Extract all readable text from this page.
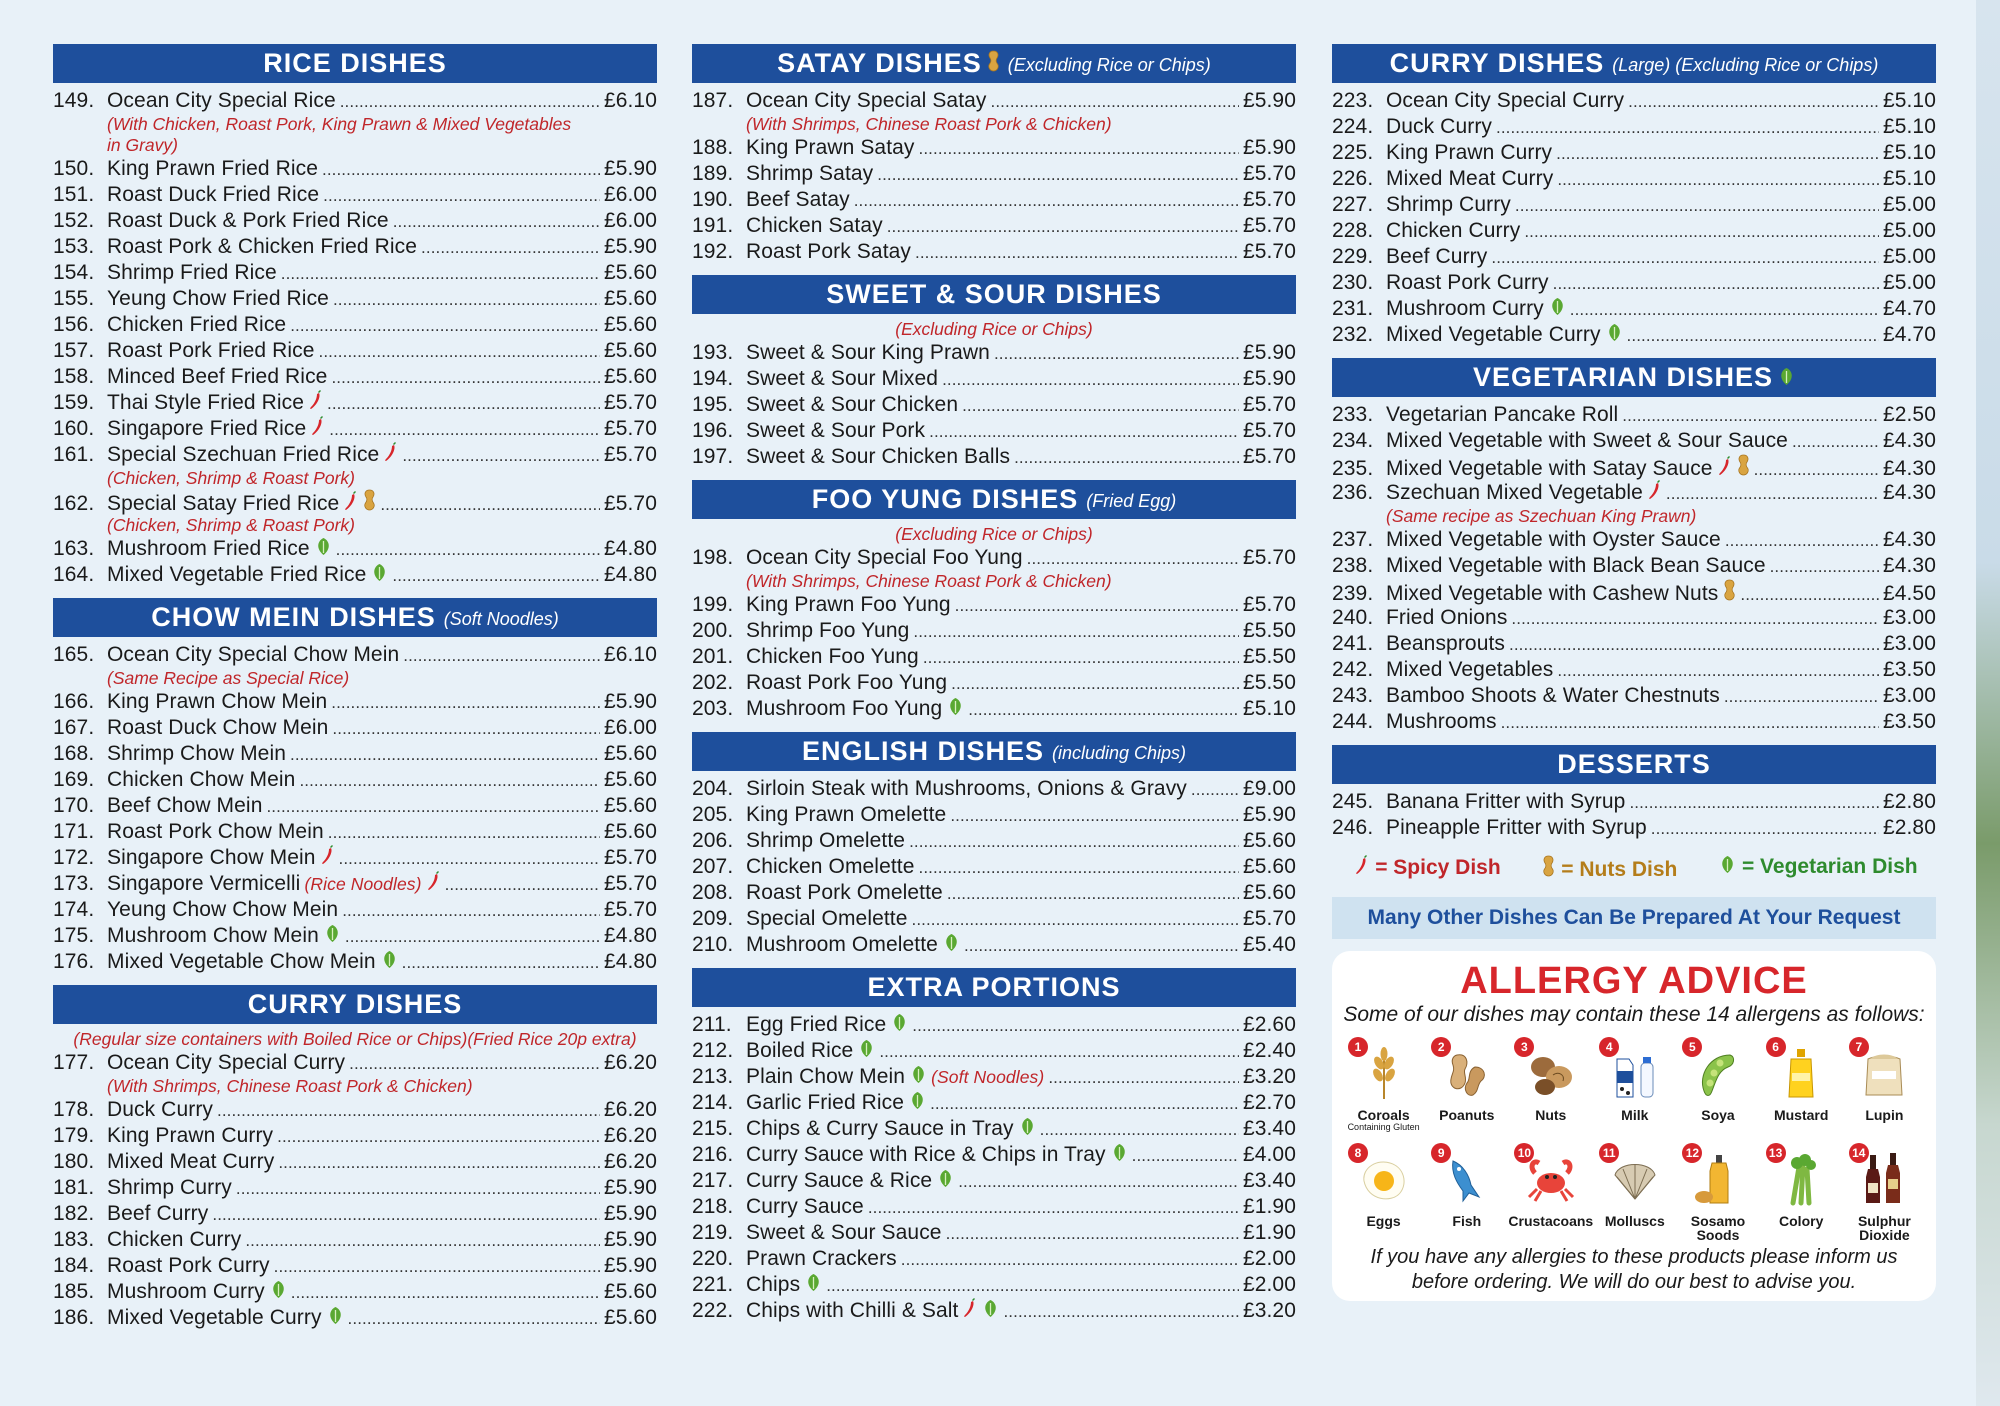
RICE DISHES
149. Ocean City Special Rice .....	£6.10
(With Chicken, Roast Pork, King Prawn & Mixed Vegetables
in Gravy)
150. King Prawn Fried Rice .....	£5.90
151. Roast Duck Fried Rice .....	£6.00
152. Roast Duck & Pork Fried Rice .....	£6.00
153. Roast Pork & Chicken Fried Rice .....	£5.90
154. Shrimp Fried Rice .....	£5.60
155. Yeung Chow Fried Rice .....	£5.60
156. Chicken Fried Rice .....	£5.60
157. Roast Pork Fried Rice .....	£5.60
158. Minced Beef Fried Rice .....	£5.60
159. Thai Style Fried Rice .....	£5.70
160. Singapore Fried Rice .....	£5.70
161. Special Szechuan Fried Rice .....	£5.70
(Chicken, Shrimp & Roast Pork)
162. Special Satay Fried Rice .....	£5.70
(Chicken, Shrimp & Roast Pork)
163. Mushroom Fried Rice .....	£4.80
164. Mixed Vegetable Fried Rice .....	£4.80
CHOW MEIN DISHES (Soft Noodles)
165. Ocean City Special Chow Mein .....	£6.10
(Same Recipe as Special Rice)
166. King Prawn Chow Mein .....	£5.90
167. Roast Duck Chow Mein .....	£6.00
168. Shrimp Chow Mein .....	£5.60
169. Chicken Chow Mein .....	£5.60
170. Beef Chow Mein .....	£5.60
171. Roast Pork Chow Mein .....	£5.60
172. Singapore Chow Mein .....	£5.70
173. Singapore Vermicelli (Rice Noodles) .....	£5.70
174. Yeung Chow Chow Mein .....	£5.70
175. Mushroom Chow Mein .....	£4.80
176. Mixed Vegetable Chow Mein .....	£4.80
CURRY DISHES
(Regular size containers with Boiled Rice or Chips)(Fried Rice 20p extra)
177. Ocean City Special Curry .....	£6.20
(With Shrimps, Chinese Roast Pork & Chicken)
178. Duck Curry .....	£6.20
179. King Prawn Curry .....	£6.20
180. Mixed Meat Curry .....	£6.20
181. Shrimp Curry .....	£5.90
182. Beef Curry .....	£5.90
183. Chicken Curry .....	£5.90
184. Roast Pork Curry .....	£5.90
185. Mushroom Curry .....	£5.60
186. Mixed Vegetable Curry .....	£5.60
SATAY DISHES (Excluding Rice or Chips)
187. Ocean City Special Satay .....	£5.90
(With Shrimps, Chinese Roast Pork & Chicken)
188. King Prawn Satay .....	£5.90
189. Shrimp Satay .....	£5.70
190. Beef Satay .....	£5.70
191. Chicken Satay .....	£5.70
192. Roast Pork Satay .....	£5.70
SWEET & SOUR DISHES
(Excluding Rice or Chips)
193. Sweet & Sour King Prawn .....	£5.90
194. Sweet & Sour Mixed .....	£5.90
195. Sweet & Sour Chicken .....	£5.70
196. Sweet & Sour Pork .....	£5.70
197. Sweet & Sour Chicken Balls .....	£5.70
FOO YUNG DISHES (Fried Egg)
(Excluding Rice or Chips)
198. Ocean City Special Foo Yung .....	£5.70
(With Shrimps, Chinese Roast Pork & Chicken)
199. King Prawn Foo Yung .....	£5.70
200. Shrimp Foo Yung .....	£5.50
201. Chicken Foo Yung .....	£5.50
202. Roast Pork Foo Yung .....	£5.50
203. Mushroom Foo Yung .....	£5.10
ENGLISH DISHES (including Chips)
204. Sirloin Steak with Mushrooms, Onions & Gravy .....	£9.00
205. King Prawn Omelette .....	£5.90
206. Shrimp Omelette .....	£5.60
207. Chicken Omelette .....	£5.60
208. Roast Pork Omelette .....	£5.60
209. Special Omelette .....	£5.70
210. Mushroom Omelette .....	£5.40
EXTRA PORTIONS
211. Egg Fried Rice .....	£2.60
212. Boiled Rice .....	£2.40
213. Plain Chow Mein (Soft Noodles) .....	£3.20
214. Garlic Fried Rice .....	£2.70
215. Chips & Curry Sauce in Tray .....	£3.40
216. Curry Sauce with Rice & Chips in Tray .....	£4.00
217. Curry Sauce & Rice .....	£3.40
218. Curry Sauce .....	£1.90
219. Sweet & Sour Sauce .....	£1.90
220. Prawn Crackers .....	£2.00
221. Chips .....	£2.00
222. Chips with Chilli & Salt .....	£3.20
CURRY DISHES (Large) (Excluding Rice or Chips)
223. Ocean City Special Curry .....	£5.10
224. Duck Curry .....	£5.10
225. King Prawn Curry .....	£5.10
226. Mixed Meat Curry .....	£5.10
227. Shrimp Curry .....	£5.00
228. Chicken Curry .....	£5.00
229. Beef Curry .....	£5.00
230. Roast Pork Curry .....	£5.00
231. Mushroom Curry .....	£4.70
232. Mixed Vegetable Curry .....	£4.70
VEGETARIAN DISHES
233. Vegetarian Pancake Roll .....	£2.50
234. Mixed Vegetable with Sweet & Sour Sauce .....	£4.30
235. Mixed Vegetable with Satay Sauce .....	£4.30
236. Szechuan Mixed Vegetable .....	£4.30
(Same recipe as Szechuan King Prawn)
237. Mixed Vegetable with Oyster Sauce .....	£4.30
238. Mixed Vegetable with Black Bean Sauce .....	£4.30
239. Mixed Vegetable with Cashew Nuts .....	£4.50
240. Fried Onions .....	£3.00
241. Beansprouts .....	£3.00
242. Mixed Vegetables .....	£3.50
243. Bamboo Shoots & Water Chestnuts .....	£3.00
244. Mushrooms .....	£3.50
DESSERTS
245. Banana Fritter with Syrup .....	£2.80
246. Pineapple Fritter with Syrup .....	£2.80
= Spicy Dish	= Nuts Dish	= Vegetarian Dish
Many Other Dishes Can Be Prepared At Your Request
ALLERGY ADVICE
Some of our dishes may contain these 14 allergens as follows:
1
Coroals
Containing Gluten
2
Poanuts
3
Nuts
4
Milk
5
Soya
6
Mustard
7
Lupin
8
Eggs
9
Fish
10
Crustacoans
11
Molluscs
12
Sosamo Soods
13
Colory
14
Sulphur Dioxide
If you have any allergies to these products please inform us
before ordering. We will do our best to advise you.
